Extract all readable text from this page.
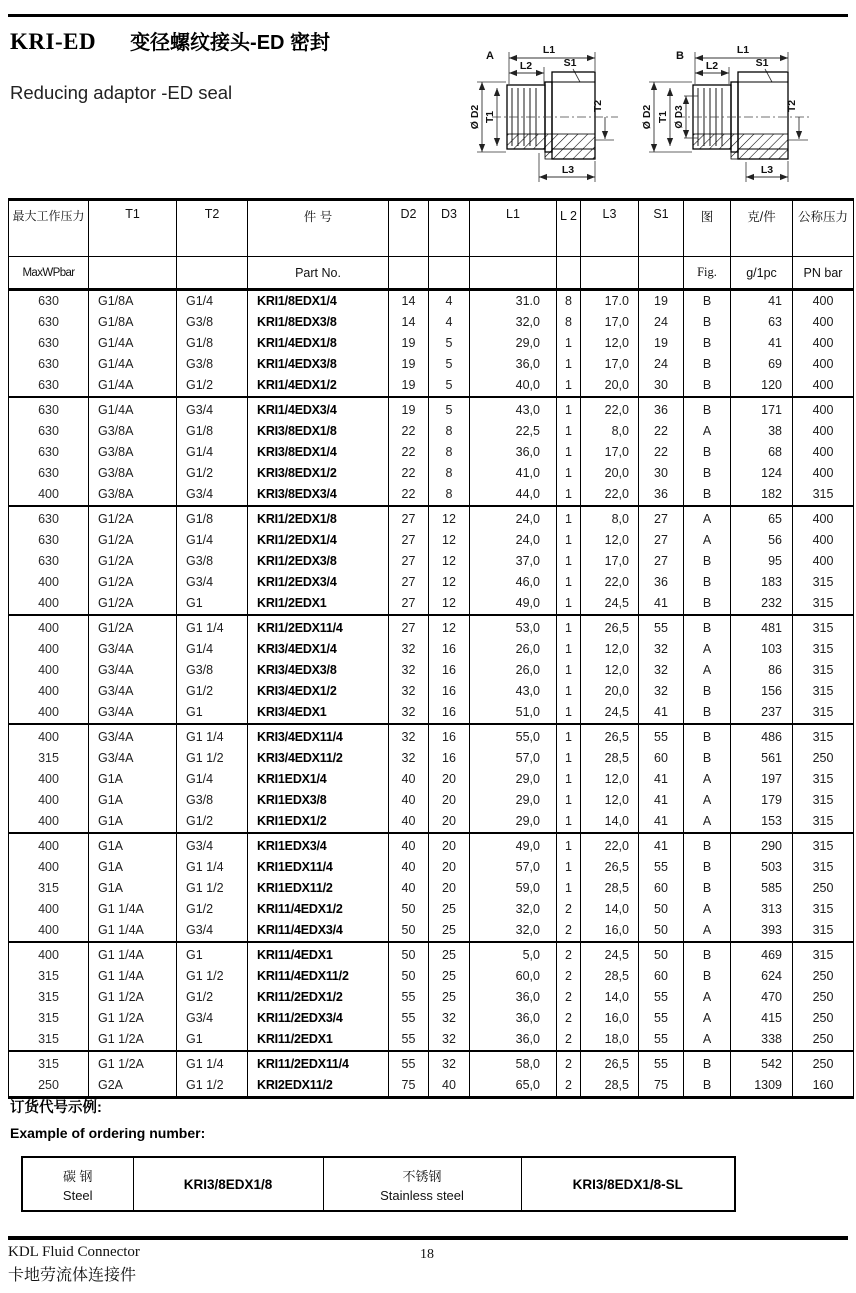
KRI-ED 变径螺纹接头-ED 密封
Reducing adaptor -ED seal
A	L1
L2	S1
Ø D2 T1
T2
L3
B	L1
L2	S1
Ø D2 T1 Ø D3	T2
L3
最大工作压力	T1	T2	件 号	D2	D3	L1	L 2	L3	S1	图	克/件	公称压力
MaxWPbar			Part No.							Fig.	g/1pc	PN bar
630	G1/8A	G1/4	KRI1/8EDX1/4	14	4	31.0	8	17.0	19	B	41	400
630	G1/8A	G3/8	KRI1/8EDX3/8	14	4	32,0	8	17,0	24	B	63	400
630	G1/4A	G1/8	KRI1/4EDX1/8	19	5	29,0	1	12,0	19	B	41	400
630	G1/4A	G3/8	KRI1/4EDX3/8	19	5	36,0	1	17,0	24	B	69	400
630	G1/4A	G1/2	KRI1/4EDX1/2	19	5	40,0	1	20,0	30	B	120	400
630	G1/4A	G3/4	KRI1/4EDX3/4	19	5	43,0	1	22,0	36	B	171	400
630	G3/8A	G1/8	KRI3/8EDX1/8	22	8	22,5	1	8,0	22	A	38	400
630	G3/8A	G1/4	KRI3/8EDX1/4	22	8	36,0	1	17,0	22	B	68	400
630	G3/8A	G1/2	KRI3/8EDX1/2	22	8	41,0	1	20,0	30	B	124	400
400	G3/8A	G3/4	KRI3/8EDX3/4	22	8	44,0	1	22,0	36	B	182	315
630	G1/2A	G1/8	KRI1/2EDX1/8	27	12	24,0	1	8,0	27	A	65	400
630	G1/2A	G1/4	KRI1/2EDX1/4	27	12	24,0	1	12,0	27	A	56	400
630	G1/2A	G3/8	KRI1/2EDX3/8	27	12	37,0	1	17,0	27	B	95	400
400	G1/2A	G3/4	KRI1/2EDX3/4	27	12	46,0	1	22,0	36	B	183	315
400	G1/2A	G1	KRI1/2EDX1	27	12	49,0	1	24,5	41	B	232	315
400	G1/2A	G1 1/4	KRI1/2EDX11/4	27	12	53,0	1	26,5	55	B	481	315
400	G3/4A	G1/4	KRI3/4EDX1/4	32	16	26,0	1	12,0	32	A	103	315
400	G3/4A	G3/8	KRI3/4EDX3/8	32	16	26,0	1	12,0	32	A	86	315
400	G3/4A	G1/2	KRI3/4EDX1/2	32	16	43,0	1	20,0	32	B	156	315
400	G3/4A	G1	KRI3/4EDX1	32	16	51,0	1	24,5	41	B	237	315
400	G3/4A	G1 1/4	KRI3/4EDX11/4	32	16	55,0	1	26,5	55	B	486	315
315	G3/4A	G1 1/2	KRI3/4EDX11/2	32	16	57,0	1	28,5	60	B	561	250
400	G1A	G1/4	KRI1EDX1/4	40	20	29,0	1	12,0	41	A	197	315
400	G1A	G3/8	KRI1EDX3/8	40	20	29,0	1	12,0	41	A	179	315
400	G1A	G1/2	KRI1EDX1/2	40	20	29,0	1	14,0	41	A	153	315
400	G1A	G3/4	KRI1EDX3/4	40	20	49,0	1	22,0	41	B	290	315
400	G1A	G1 1/4	KRI1EDX11/4	40	20	57,0	1	26,5	55	B	503	315
315	G1A	G1 1/2	KRI1EDX11/2	40	20	59,0	1	28,5	60	B	585	250
400	G1 1/4A	G1/2	KRI11/4EDX1/2	50	25	32,0	2	14,0	50	A	313	315
400	G1 1/4A	G3/4	KRI11/4EDX3/4	50	25	32,0	2	16,0	50	A	393	315
400	G1 1/4A	G1	KRI11/4EDX1	50	25	5,0	2	24,5	50	B	469	315
315	G1 1/4A	G1 1/2	KRI11/4EDX11/2	50	25	60,0	2	28,5	60	B	624	250
315	G1 1/2A	G1/2	KRI11/2EDX1/2	55	25	36,0	2	14,0	55	A	470	250
315	G1 1/2A	G3/4	KRI11/2EDX3/4	55	32	36,0	2	16,0	55	A	415	250
315	G1 1/2A	G1	KRI11/2EDX1	55	32	36,0	2	18,0	55	A	338	250
315	G1 1/2A	G1 1/4	KRI11/2EDX11/4	55	32	58,0	2	26,5	55	B	542	250
250	G2A	G1 1/2	KRI2EDX11/2	75	40	65,0	2	28,5	75	B	1309	160
订货代号示例:
Example of ordering number:
碳 钢
Steel
	KRI3/8EDX1/8	
不锈钢
Stainless steel
	KRI3/8EDX1/8-SL
KDL Fluid Connector
卡地劳流体连接件
18
